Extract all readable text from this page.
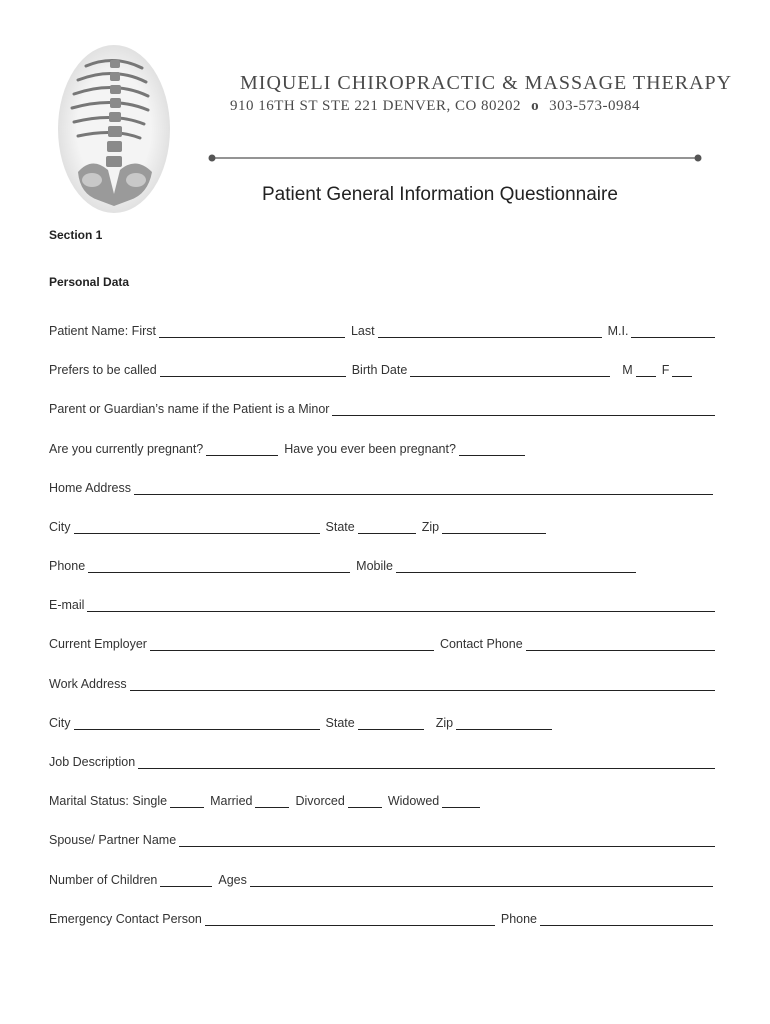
MIQUELI CHIROPRACTIC & MASSAGE THERAPY
910 16TH ST STE 221 DENVER, CO 80202 o 303-573-0984
Patient General Information Questionnaire
Section 1
Personal Data
Patient Name: First	Last	M.I.
Prefers to be called	Birth Date	M	F
Parent or Guardian’s name if the Patient is a Minor
Are you currently pregnant?	Have you ever been pregnant?
Home Address
City	State	Zip
Phone	Mobile
E-mail
Current Employer	Contact Phone
Work Address
City	State	Zip
Job Description
Marital Status: Single	Married	Divorced	Widowed
Spouse/ Partner Name
Number of Children	Ages
Emergency Contact Person	Phone
